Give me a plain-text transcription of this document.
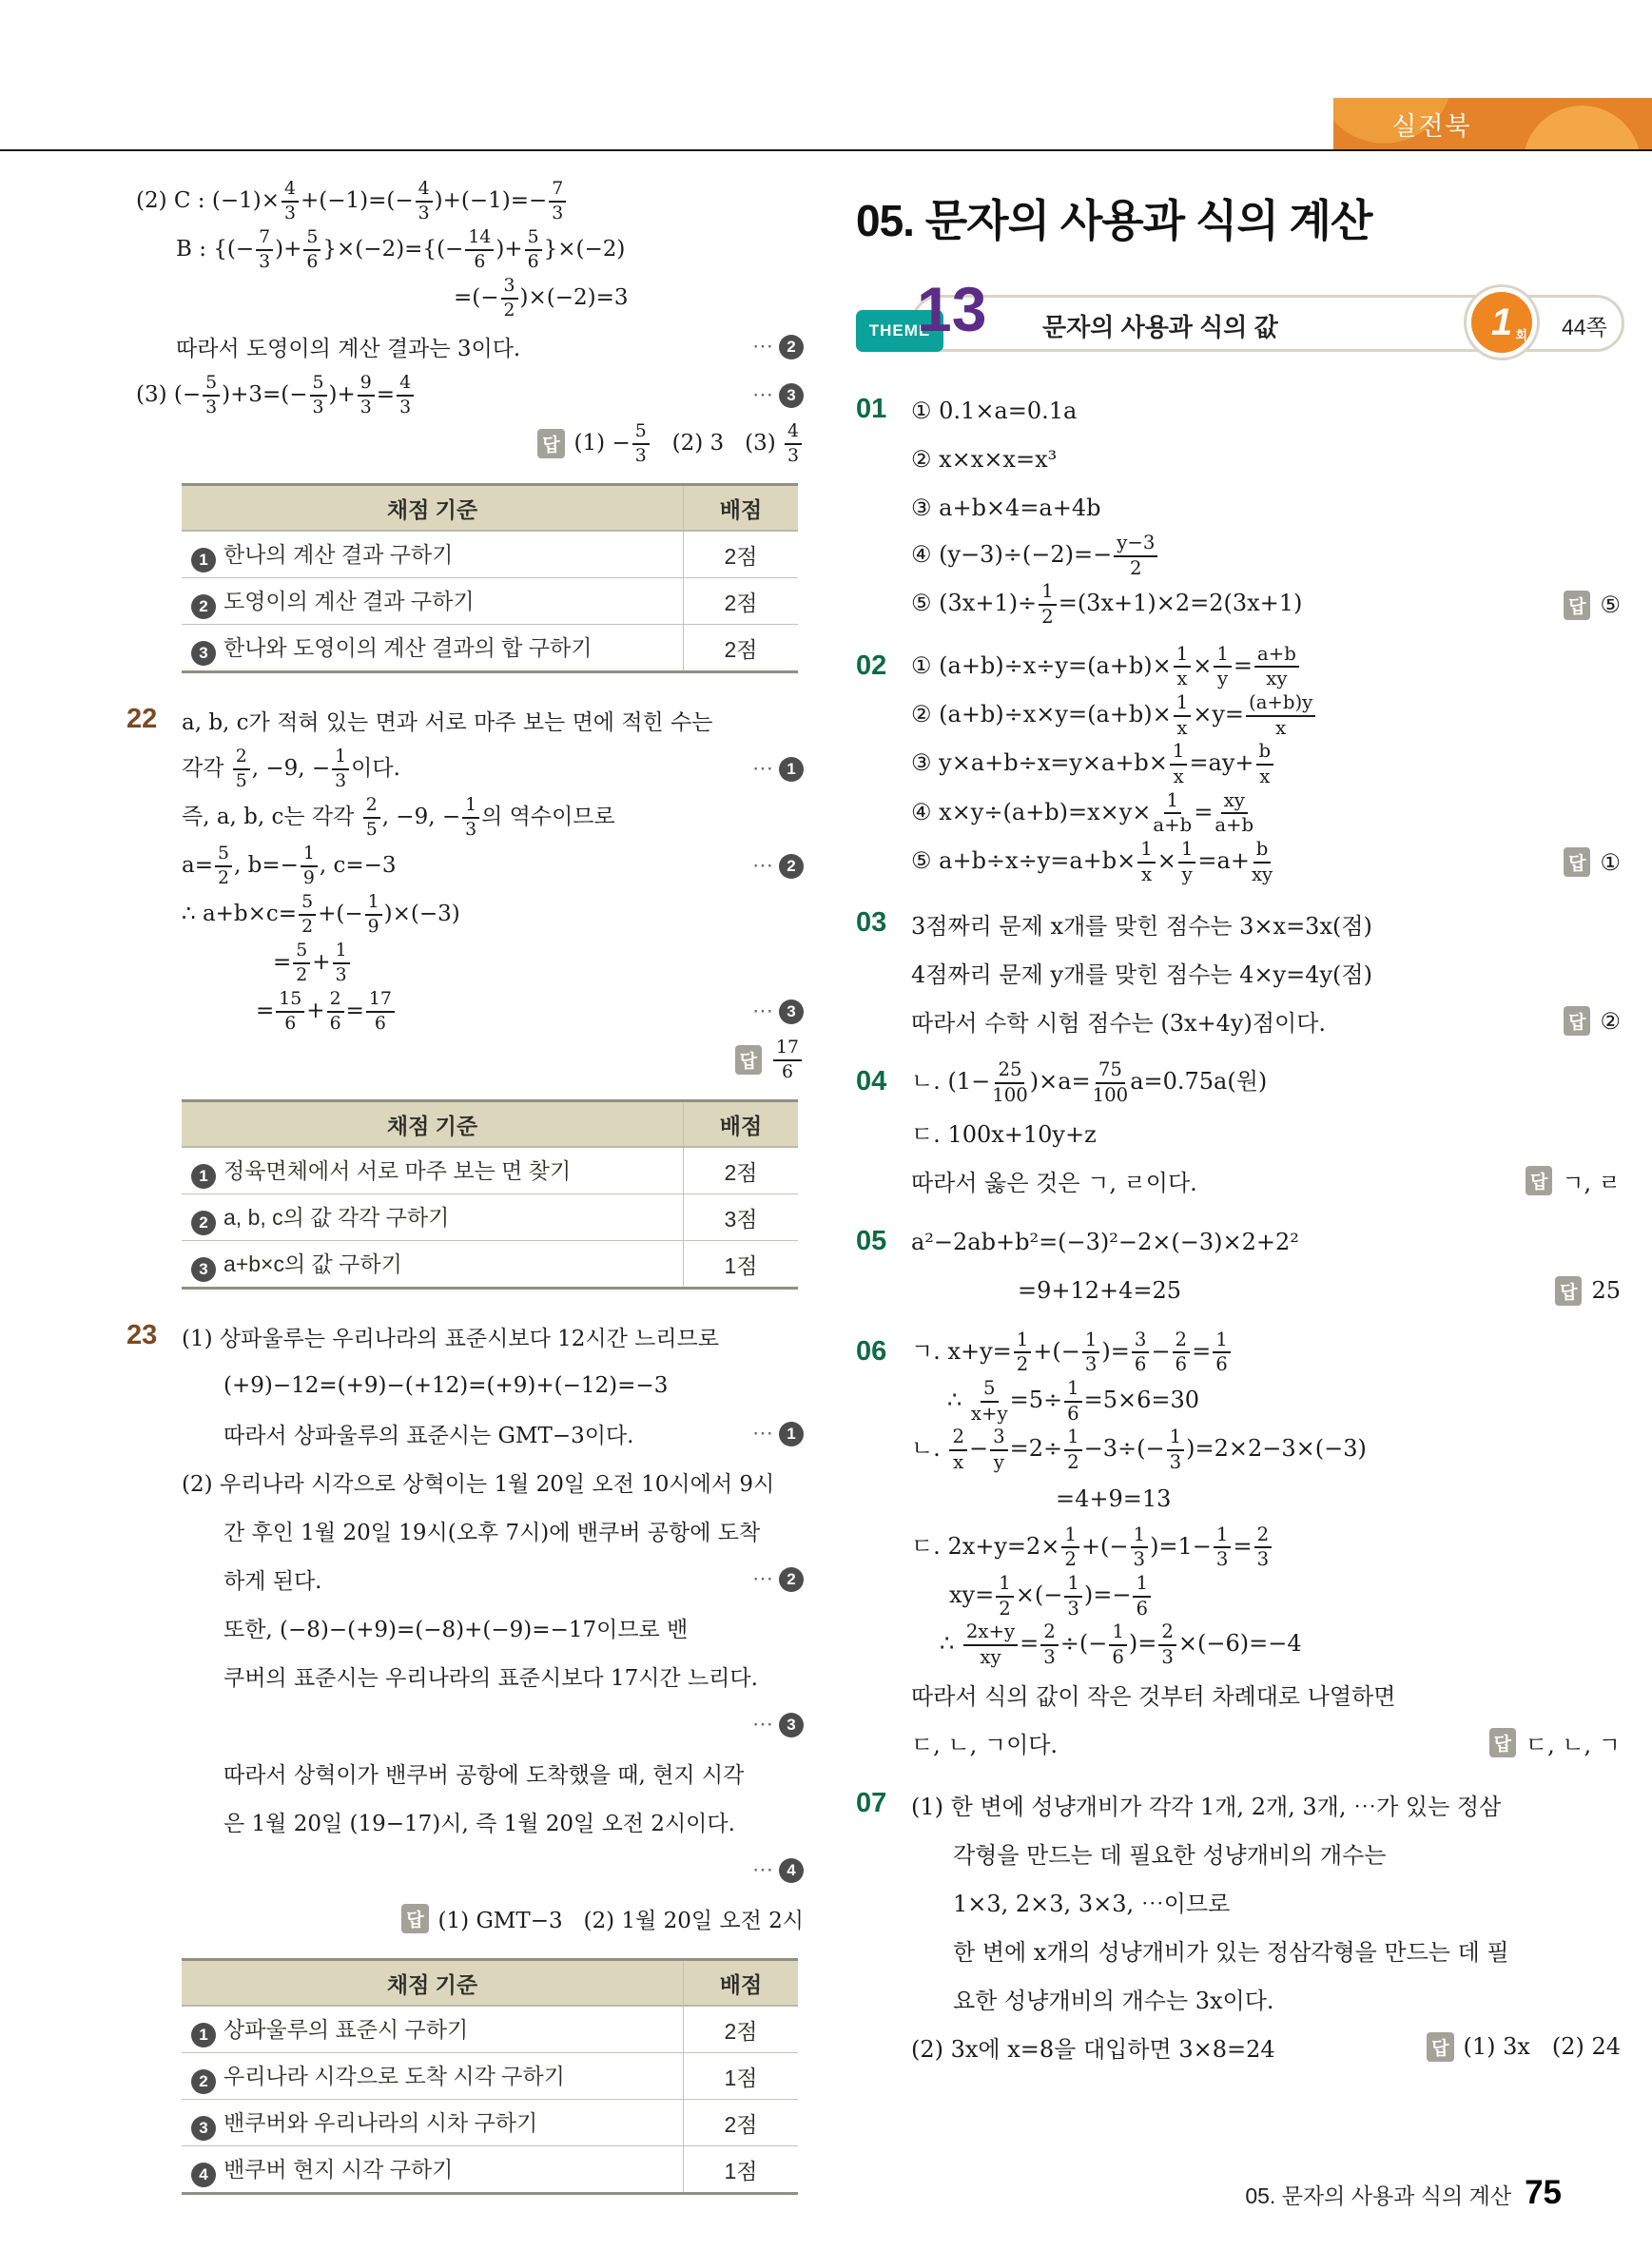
실전북
(2) C : $(-1)\times \frac{4}{3} +(-1)=(- \frac{4}{3} )+(-1)=- \frac{7}{3}$
B : {(− $\frac{7}{3}$ )+ $\frac{5}{6} \}\times(-2)=\{(- \frac{14}{6}$ )+ $\frac{5}{6} \}\times(-2)$
=(− $\frac{3}{2} )\times(-2)=3$
따라서 도영이의 계산 결과는 3이다.	⋯ 2
(3) (− $\frac{5}{3} )+3=(- \frac{5}{3}$ )+ $\frac{9}{3} = \frac{4}{3}$	⋯ 3
답 $(1) - \frac{5}{3} (2)$ 3   $(3) \frac{4}{3}$
채점 기준	배점
1 한나의 계산 결과 구하기	2점
2 도영이의 계산 결과 구하기	2점
3 한나와 도영이의 계산 결과의 합 구하기	2점
22	a, b, c가 적혀 있는 면과 서로 마주 보는 면에 적힌 수는
각각 $\frac{2}{5}$ , −9, − $\frac{1}{3}$ 이다.	⋯ 1
즉, a, b, c는 각각 $\frac{2}{5}$ , −9, − $\frac{1}{3}$ 의 역수이므로
$a= \frac{5}{2}$ , $b=- \frac{1}{9}$ , c=−3	⋯ 2
∴ $a+b\times c= \frac{5}{2}$ +(− $\frac{1}{9} )\times(-3)$
= $\frac{5}{2} + \frac{1}{3}$
= $\frac{15}{6} + \frac{2}{6} = \frac{17}{6}$	⋯ 3
답 $\frac{17}{6}$
채점 기준	배점
1 정육면체에서 서로 마주 보는 면 찾기	2점
2 a, b, c의 값 각각 구하기	3점
3 a+b×c의 값 구하기	1점
23	(1) 상파울루는 우리나라의 표준시보다 12시간 느리므로
(+9)−12=(+9)−(+12)=(+9)+(−12)=−3
따라서 상파울루의 표준시는 GMT−3이다.	⋯ 1
(2) 우리나라 시각으로 상혁이는 1월 20일 오전 10시에서 9시
간 후인 1월 20일 19시(오후 7시)에 밴쿠버 공항에 도착
하게 된다.	⋯ 2
또한, (−8)−(+9)=(−8)+(−9)=−17이므로 밴
쿠버의 표준시는 우리나라의 표준시보다 17시간 느리다.
⋯ 3
따라서 상혁이가 밴쿠버 공항에 도착했을 때, 현지 시각
은 1월 20일 (19−17)시, 즉 1월 20일 오전 2시이다.
⋯ 4
답 (1) GMT−3   (2) 1월 20일 오전 2시
채점 기준	배점
1 상파울루의 표준시 구하기	2점
2 우리나라 시각으로 도착 시각 구하기	1점
3 밴쿠버와 우리나라의 시차 구하기	2점
4 밴쿠버 현지 시각 구하기	1점
05. 문자의 사용과 식의 계산
THEME
13 문자의 사용과 식의 값	1 회 44쪽
01	① 0.1×a=0.1a
② x×x×x=x³
③ a+b×4=a+4b
④ $(y-3)\div(-2)=- \frac{y-3}{2}$
⑤ $(3x+1)\div \frac{1}{2} =(3x+1)\times 2=2(3x+1)$	답 ⑤
02	① $(a+b)\div x\div y=(a+b)\times \frac{1}{x} \times \frac{1}{y} = \frac{a+b}{xy}$
② $(a+b)\div x\times y=(a+b)\times \frac{1}{x} \times y= \frac{(a+b)y}{x}$
③ $y\times a+b\div x=y\times a+b\times \frac{1}{x} =ay+ \frac{b}{x}$
④ $x\times y\div(a+b)=x\times y\times \frac{1}{a+b} = \frac{xy}{a+b}$
⑤ $a+b\div x\div y=a+b\times \frac{1}{x} \times \frac{1}{y} =a+ \frac{b}{xy}$	답 ①
03	3점짜리 문제 x개를 맞힌 점수는 3×x=3x(점)
4점짜리 문제 y개를 맞힌 점수는 4×y=4y(점)
따라서 수학 시험 점수는 (3x+4y)점이다.	답 ②
04	ㄴ. $(1- \frac{25}{100} )\times a= \frac{75}{100} a=0.75a$(원)
ㄷ. 100x+10y+z
따라서 옳은 것은 ㄱ, ㄹ이다.	답 ㄱ, ㄹ
05	a²−2ab+b²=(−3)²−2×(−3)×2+2²
=9+12+4=25	답 25
06	ㄱ. $x+y= \frac{1}{2}$ +(− $\frac{1}{3}$ )= $\frac{3}{6} - \frac{2}{6} = \frac{1}{6}$
∴ $\frac{5}{x+y} =5\div \frac{1}{6} =5\times 6=30$
ㄴ. $\frac{2}{x} - \frac{3}{y} =2\div \frac{1}{2} -3\div(- \frac{1}{3} )=2\times 2-3\times(-3)$
=4+9=13
ㄷ. $2x+y=2\times \frac{1}{2}$ +(− $\frac{1}{3} )=1- \frac{1}{3} = \frac{2}{3}$
$xy= \frac{1}{2}$ ×(− $\frac{1}{3}$ )=− $\frac{1}{6}$
∴ $\frac{2x+y}{xy} = \frac{2}{3}$ ÷(− $\frac{1}{6}$ )= $\frac{2}{3} \times(-6)=-4$
따라서 식의 값이 작은 것부터 차례대로 나열하면
ㄷ, ㄴ, ㄱ이다.	답 ㄷ, ㄴ, ㄱ
07	(1) 한 변에 성냥개비가 각각 1개, 2개, 3개, ⋯가 있는 정삼
각형을 만드는 데 필요한 성냥개비의 개수는
1×3, 2×3, 3×3, ⋯이므로
한 변에 x개의 성냥개비가 있는 정삼각형을 만드는 데 필
요한 성냥개비의 개수는 3x이다.
(2) 3x에 x=8을 대입하면 3×8=24	답 (1) 3x   (2) 24
05. 문자의 사용과 식의 계산 75
